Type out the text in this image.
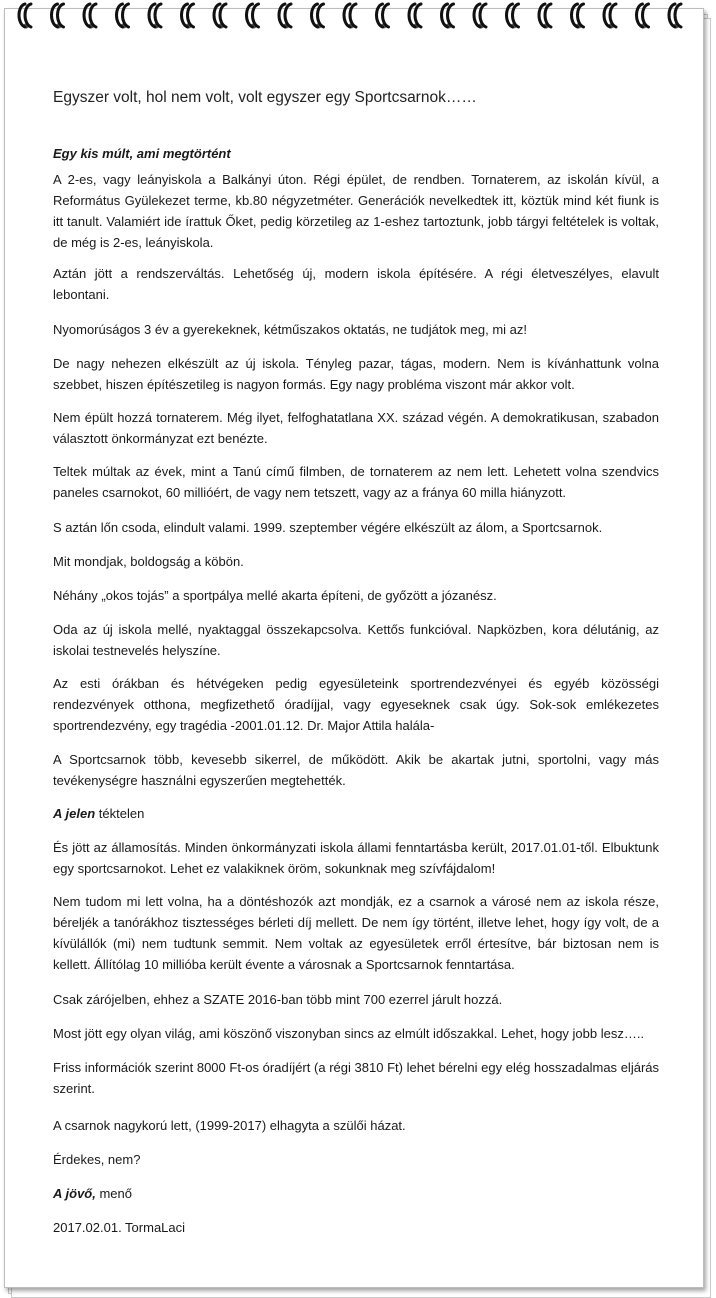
Egyszer volt, hol nem volt, volt egyszer egy Sportcsarnok……
Egy kis múlt, ami megtörtént

A 2-es, vagy leányiskola a Balkányi úton. Régi épület, de rendben. Tornaterem, az iskolán kívül, a Református Gyülekezet terme, kb.80 négyzetméter. Generációk nevelkedtek itt, köztük mind két fiunk is itt tanult. Valamiért ide írattuk Őket, pedig körzetileg az 1-eshez tartoztunk, jobb tárgyi feltételek is voltak, de még is 2-es, leányiskola.

Aztán jött a rendszerváltás. Lehetőség új, modern iskola építésére. A régi életveszélyes, elavult lebontani.

Nyomorúságos 3 év a gyerekeknek, kétműszakos oktatás, ne tudjátok meg, mi az!

De nagy nehezen elkészült az új iskola. Tényleg pazar, tágas, modern. Nem is kívánhattunk volna szebbet, hiszen építészetileg is nagyon formás. Egy nagy probléma viszont már akkor volt.

Nem épült hozzá tornaterem. Még ilyet, felfoghatatlana XX. század végén. A demokratikusan, szabadon választott önkormányzat ezt benézte.

Teltek múltak az évek, mint a Tanú című filmben, de tornaterem az nem lett. Lehetett volna szendvics paneles csarnokot, 60 millióért, de vagy nem tetszett, vagy az a fránya 60 milla hiányzott.

S aztán lőn csoda, elindult valami. 1999. szeptember végére elkészült az álom, a Sportcsarnok.

Mit mondjak, boldogság a köbön.

Néhány „okos tojás” a sportpálya mellé akarta építeni, de győzött a józanész.

Oda az új iskola mellé, nyaktaggal összekapcsolva. Kettős funkcióval. Napközben, kora délutánig, az iskolai testnevelés helyszíne.

Az esti órákban és hétvégeken pedig egyesületeink sportrendezvényei és egyéb közösségi rendezvények otthona, megfizethető óradíjjal, vagy egyeseknek csak úgy. Sok-sok emlékezetes sportrendezvény, egy tragédia -2001.01.12. Dr. Major Attila halála-

A Sportcsarnok több, kevesebb sikerrel, de működött. Akik be akartak jutni, sportolni, vagy más tevékenységre használni egyszerűen megtehették.

A jelen téktelen

És jött az államosítás. Minden önkormányzati iskola állami fenntartásba került, 2017.01.01-től. Elbuktunk egy sportcsarnokot. Lehet ez valakiknek öröm, sokunknak meg szívfájdalom!

Nem tudom mi lett volna, ha a döntéshozók azt mondják, ez a csarnok a városé nem az iskola része, béreljék a tanórákhoz tisztességes bérleti díj mellett. De nem így történt, illetve lehet, hogy így volt, de a kívülállók (mi) nem tudtunk semmit. Nem voltak az egyesületek erről értesítve, bár biztosan nem is kellett. Állítólag 10 millióba került évente a városnak a Sportcsarnok fenntartása.

Csak zárójelben, ehhez a SZATE 2016-ban több mint 700 ezerrel járult hozzá.

Most jött egy olyan világ, ami köszönő viszonyban sincs az elmúlt időszakkal. Lehet, hogy jobb lesz…..

Friss információk szerint 8000 Ft-os óradíjért (a régi 3810 Ft) lehet bérelni egy elég hosszadalmas eljárás szerint.

A csarnok nagykorú lett, (1999-2017) elhagyta a szülői házat.

Érdekes, nem?

A jövő, menő
2017.02.01. TormaLaci
